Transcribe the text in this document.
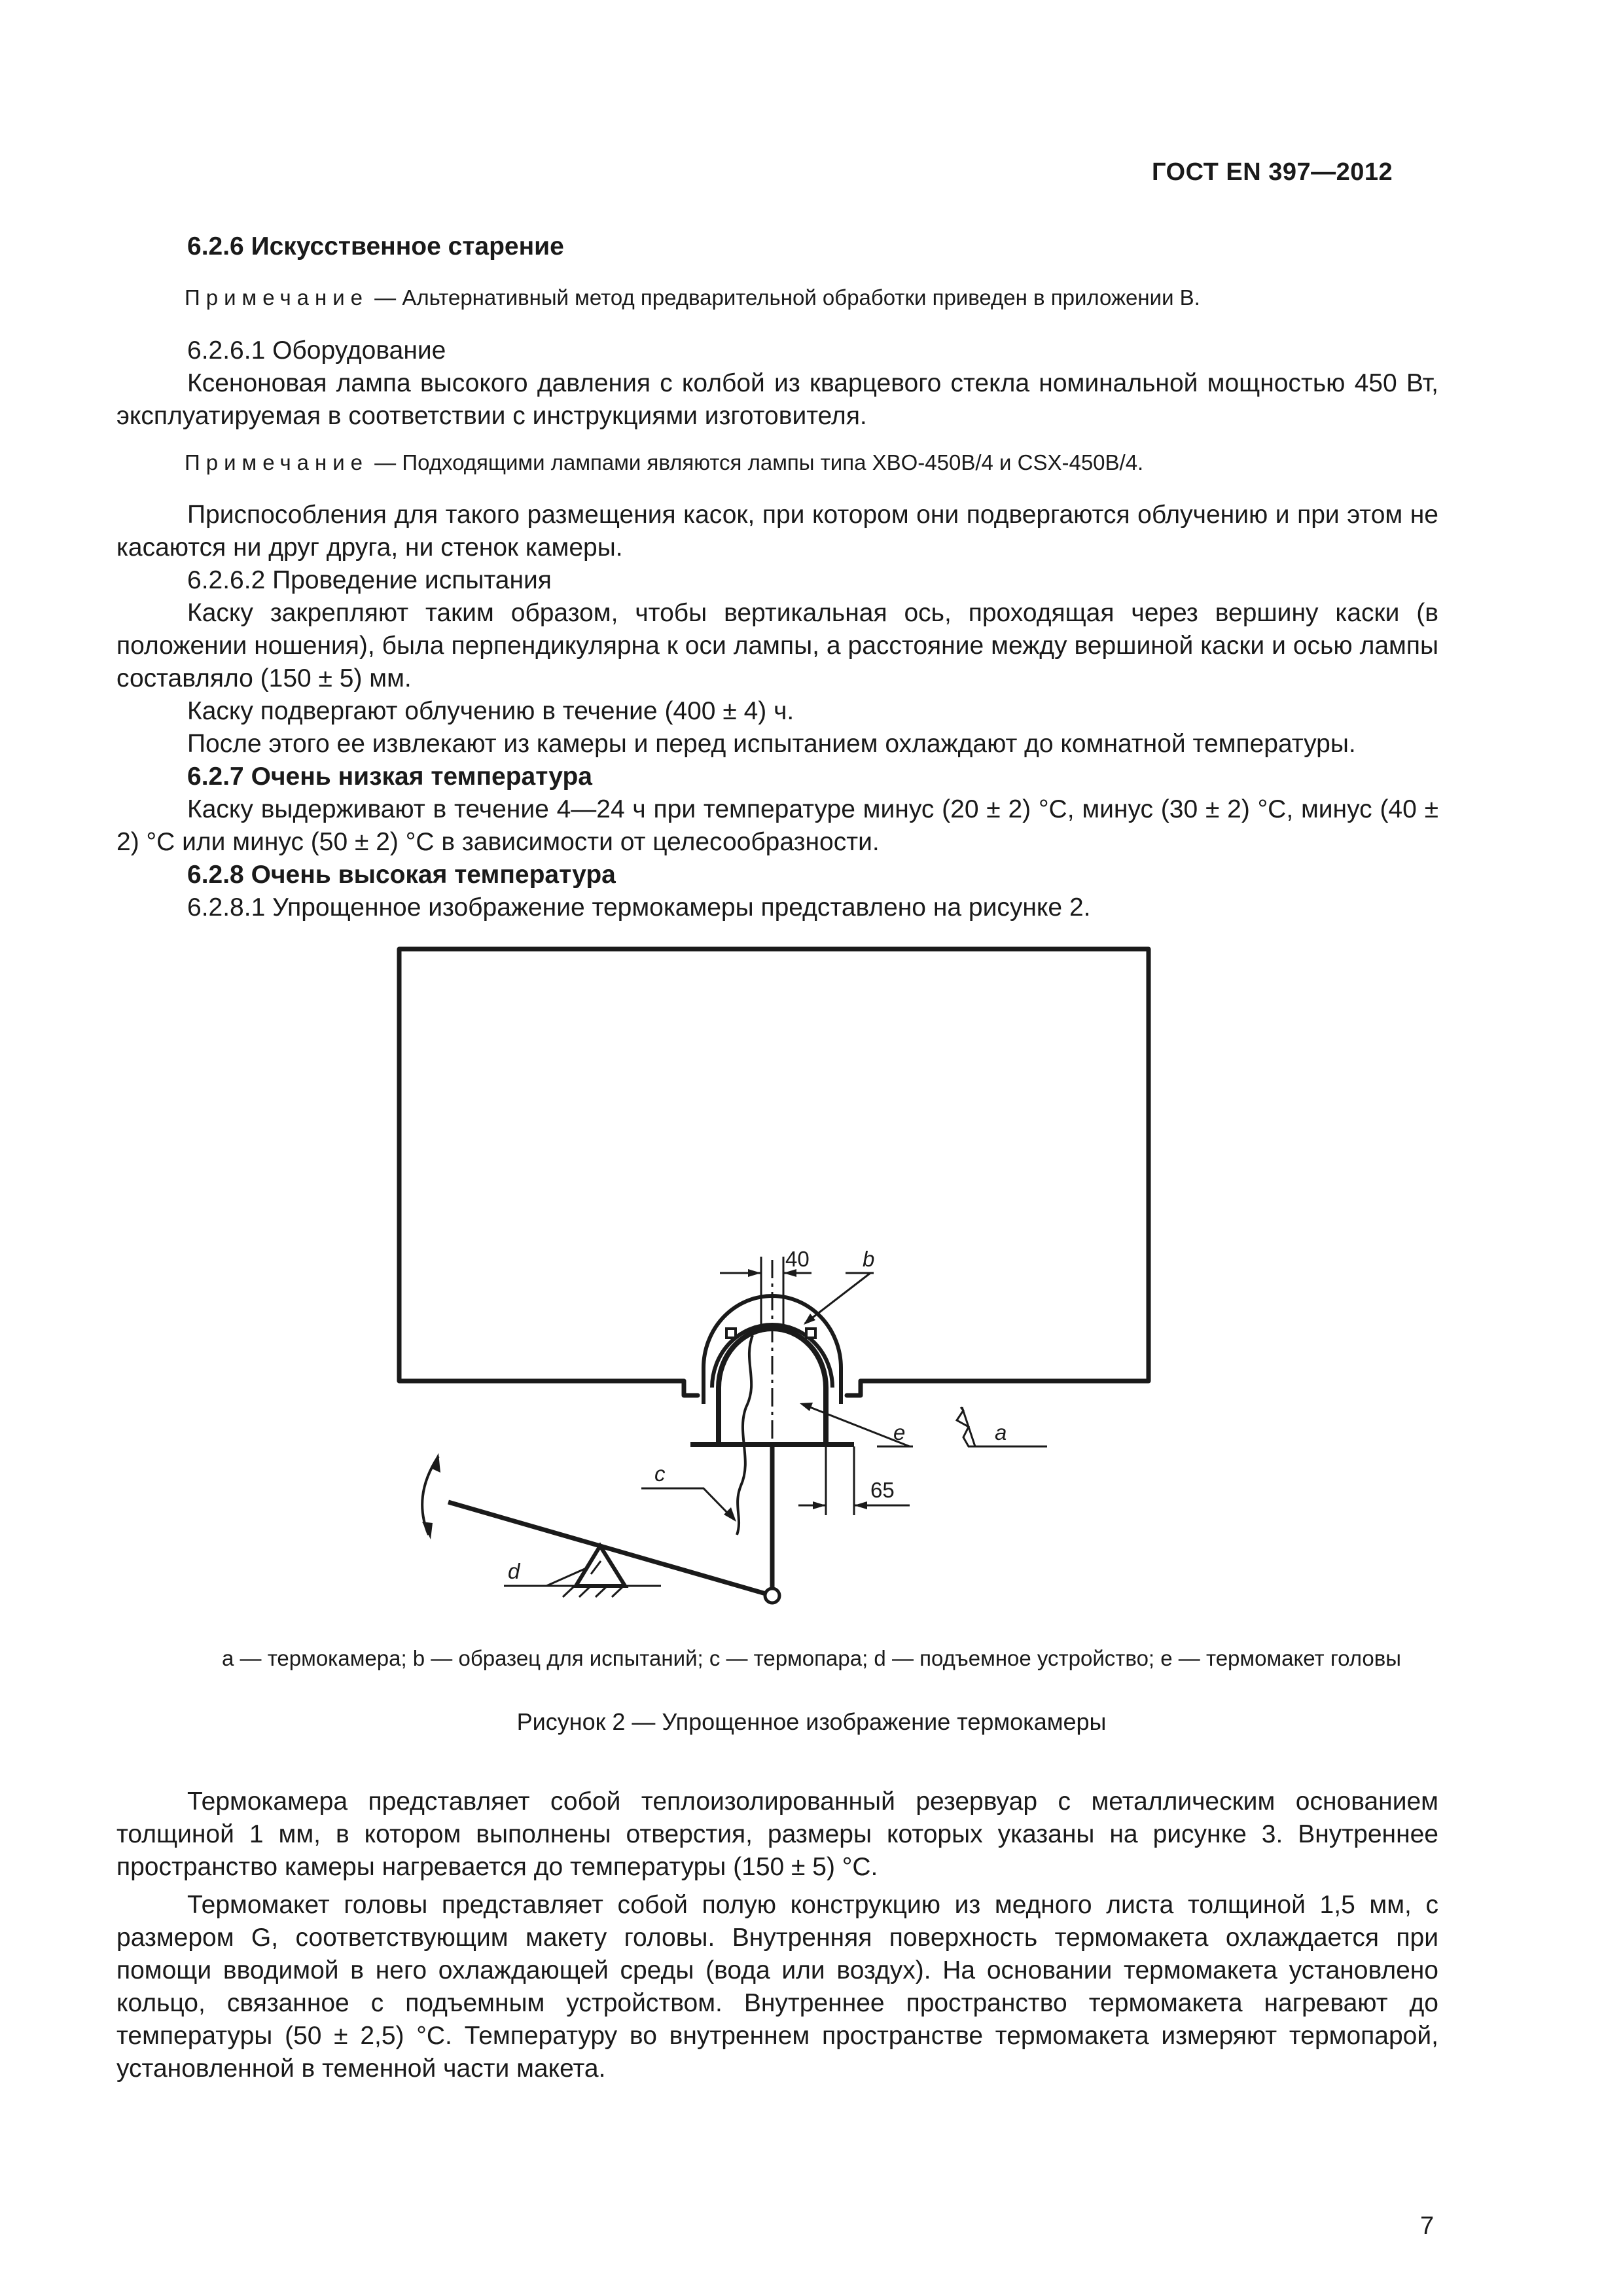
ГОСТ EN 397—2012
6.2.6 Искусственное старение
Примечание — Альтернативный метод предварительной обработки приведен в приложении B.
6.2.6.1 Оборудование
Ксеноновая лампа высокого давления с колбой из кварцевого стекла номинальной мощностью 450 Вт, эксплуатируемая в соответствии с инструкциями изготовителя.
Примечание — Подходящими лампами являются лампы типа XBO-450B/4 и CSX-450B/4.
Приспособления для такого размещения касок, при котором они подвергаются облучению и при этом не касаются ни друг друга, ни стенок камеры.
6.2.6.2 Проведение испытания
Каску закрепляют таким образом, чтобы вертикальная ось, проходящая через вершину каски (в положении ношения), была перпендикулярна к оси лампы, а расстояние между вершиной каски и осью лампы составляло (150 ± 5) мм.
Каску подвергают облучению в течение (400 ± 4) ч.
После этого ее извлекают из камеры и перед испытанием охлаждают до комнатной температуры.
6.2.7 Очень низкая температура
Каску выдерживают в течение 4—24 ч при температуре минус (20 ± 2) °С, минус (30 ± 2) °С, минус (40 ± 2) °С или минус (50 ± 2) °С в зависимости от целесообразности.
6.2.8 Очень высокая температура
6.2.8.1 Упрощенное изображение термокамеры представлено на рисунке 2.
40 b
c
e	a
65
d
a — термокамера; b — образец для испытаний; c — термопара; d — подъемное устройство; e — термомакет головы
Рисунок 2 — Упрощенное изображение термокамеры
Термокамера представляет собой теплоизолированный резервуар с металлическим основанием толщиной 1 мм, в котором выполнены отверстия, размеры которых указаны на рисунке 3. Внутреннее пространство камеры нагревается до температуры (150 ± 5) °С.
Термомакет головы представляет собой полую конструкцию из медного листа толщиной 1,5 мм, с размером G, соответствующим макету головы. Внутренняя поверхность термомакета охлаждается при помощи вводимой в него охлаждающей среды (вода или воздух). На основании термомакета установлено кольцо, связанное с подъемным устройством. Внутреннее пространство термомакета нагревают до температуры (50 ± 2,5) °С. Температуру во внутреннем пространстве термомакета измеряют термопарой, установленной в теменной части макета.
7
